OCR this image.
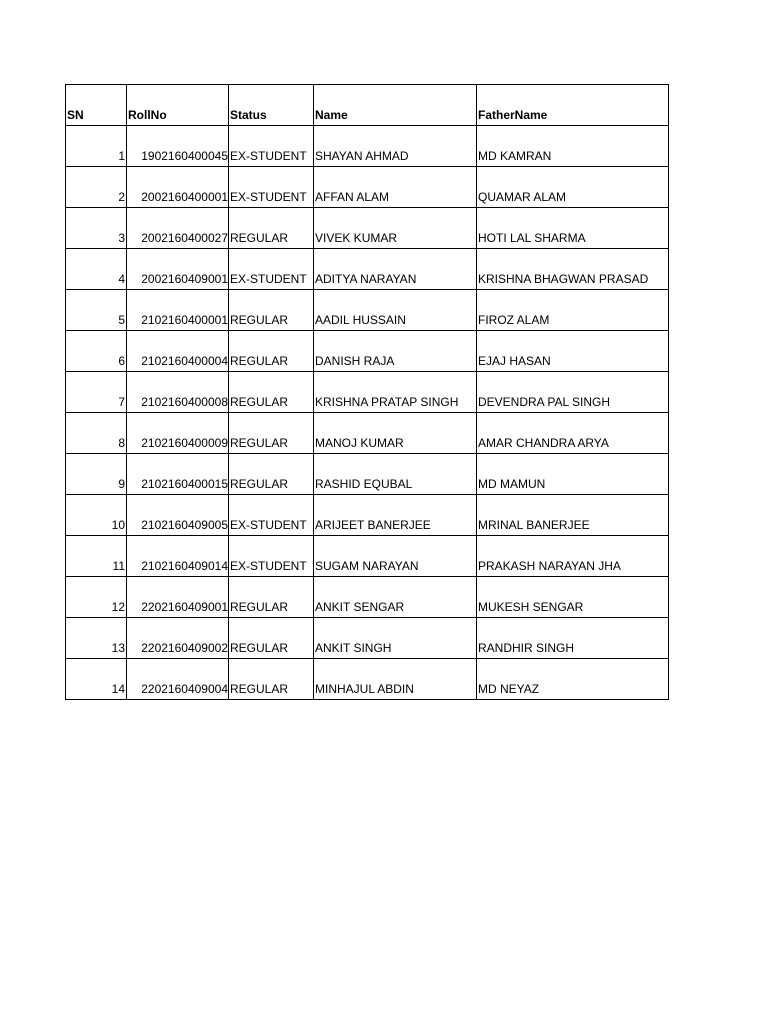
SN	RollNo	Status	Name	FatherName
1	1902160400045	EX-STUDENT	SHAYAN AHMAD	MD KAMRAN
2	2002160400001	EX-STUDENT	AFFAN ALAM	QUAMAR ALAM
3	2002160400027	REGULAR	VIVEK KUMAR	HOTI LAL SHARMA
4	2002160409001	EX-STUDENT	ADITYA NARAYAN	KRISHNA BHAGWAN PRASAD
5	2102160400001	REGULAR	AADIL HUSSAIN	FIROZ ALAM
6	2102160400004	REGULAR	DANISH RAJA	EJAJ HASAN
7	2102160400008	REGULAR	KRISHNA PRATAP SINGH	DEVENDRA PAL SINGH
8	2102160400009	REGULAR	MANOJ KUMAR	AMAR CHANDRA ARYA
9	2102160400015	REGULAR	RASHID EQUBAL	MD MAMUN
10	2102160409005	EX-STUDENT	ARIJEET BANERJEE	MRINAL BANERJEE
11	2102160409014	EX-STUDENT	SUGAM NARAYAN	PRAKASH NARAYAN JHA
12	2202160409001	REGULAR	ANKIT SENGAR	MUKESH SENGAR
13	2202160409002	REGULAR	ANKIT SINGH	RANDHIR SINGH
14	2202160409004	REGULAR	MINHAJUL ABDIN	MD NEYAZ
